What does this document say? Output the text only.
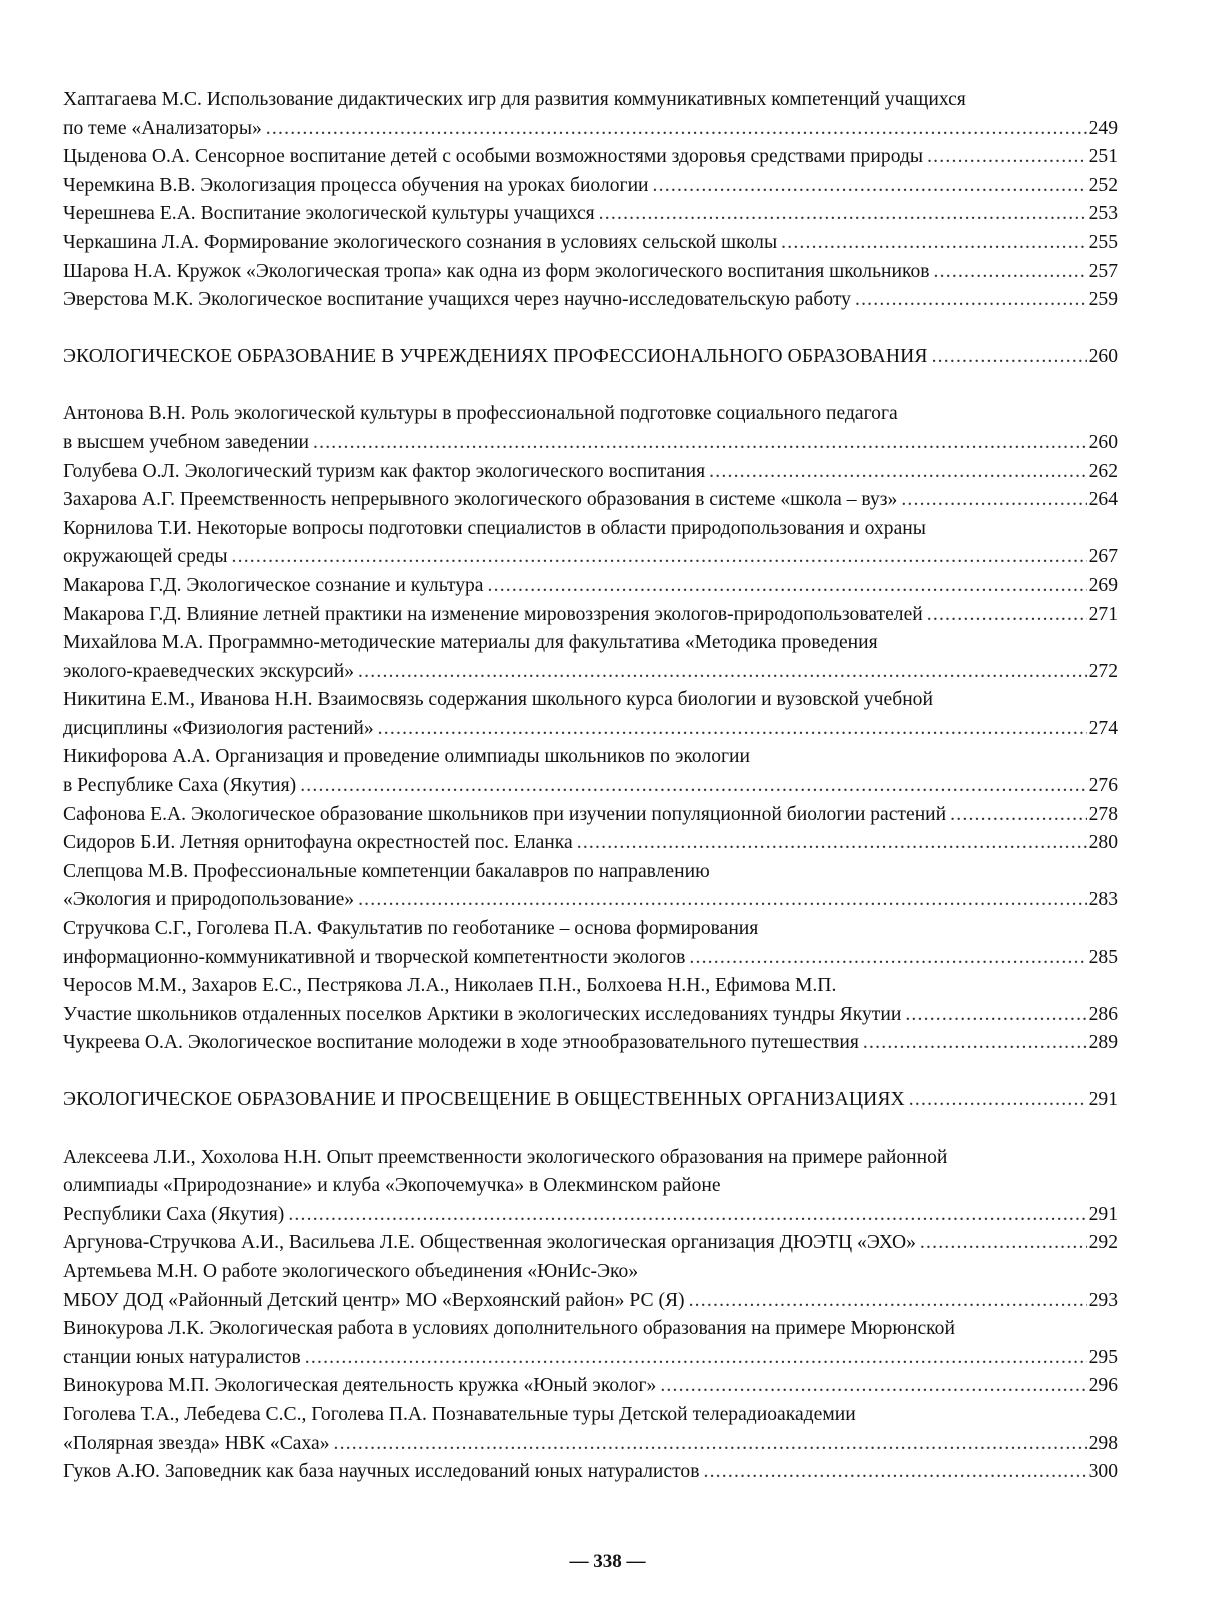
Хаптагаева М.С. Использование дидактических игр для развития коммуникативных компетенций учащихся
по теме «Анализаторы» .....	249
Цыденова О.А. Сенсорное воспитание детей с особыми возможностями здоровья средствами природы .....	251
Черемкина В.В. Экологизация процесса обучения на уроках биологии .....	252
Черешнева Е.А. Воспитание экологической культуры учащихся .....	253
Черкашина Л.А. Формирование экологического сознания в условиях сельской школы .....	255
Шарова Н.А. Кружок «Экологическая тропа» как одна из форм экологического воспитания школьников .....	257
Эверстова М.К. Экологическое воспитание учащихся через научно-исследовательскую работу .....	259
ЭКОЛОГИЧЕСКОЕ ОБРАЗОВАНИЕ В УЧРЕЖДЕНИЯХ ПРОФЕССИОНАЛЬНОГО ОБРАЗОВАНИЯ .....	260
Антонова В.Н. Роль экологической культуры в профессиональной подготовке социального педагога
в высшем учебном заведении .....	260
Голубева О.Л. Экологический туризм как фактор экологического воспитания .....	262
Захарова А.Г. Преемственность непрерывного экологического образования в системе «школа – вуз» .....	264
Корнилова Т.И. Некоторые вопросы подготовки специалистов в области природопользования и охраны
окружающей среды .....	267
Макарова Г.Д. Экологическое сознание и культура .....	269
Макарова Г.Д. Влияние летней практики на изменение мировоззрения экологов-природопользователей .....	271
Михайлова М.А. Программно-методические материалы для факультатива «Методика проведения
эколого-краеведческих экскурсий» .....	272
Никитина Е.М., Иванова Н.Н. Взаимосвязь содержания школьного курса биологии и вузовской учебной
дисциплины «Физиология растений» .....	274
Никифорова А.А. Организация и проведение олимпиады школьников по экологии
в Республике Саха (Якутия) .....	276
Сафонова Е.А. Экологическое образование школьников при изучении популяционной биологии растений .....	278
Сидоров Б.И. Летняя орнитофауна окрестностей пос. Еланка .....	280
Слепцова М.В. Профессиональные компетенции бакалавров по направлению
«Экология и природопользование» .....	283
Стручкова С.Г., Гоголева П.А. Факультатив по геоботанике – основа формирования
информационно-коммуникативной и творческой компетентности экологов .....	285
Черосов М.М., Захаров Е.С., Пестрякова Л.А., Николаев П.Н., Болхоева Н.Н., Ефимова М.П.
Участие школьников отдаленных поселков Арктики в экологических исследованиях тундры Якутии .....	286
Чукреева О.А. Экологическое воспитание молодежи в ходе этнообразовательного путешествия .....	289
ЭКОЛОГИЧЕСКОЕ ОБРАЗОВАНИЕ И ПРОСВЕЩЕНИЕ В ОБЩЕСТВЕННЫХ ОРГАНИЗАЦИЯХ .....	291
Алексеева Л.И., Хохолова Н.Н. Опыт преемственности экологического образования на примере районной
олимпиады «Природознание» и клуба «Экопочемучка» в Олекминском районе
Республики Саха (Якутия) .....	291
Аргунова-Стручкова А.И., Васильева Л.Е. Общественная экологическая организация ДЮЭТЦ «ЭХО» .....	292
Артемьева М.Н. О работе экологического объединения «ЮнИс-Эко»
МБОУ ДОД «Районный Детский центр» МО «Верхоянский район» РС (Я) .....	293
Винокурова Л.К. Экологическая работа в условиях дополнительного образования на примере Мюрюнской
станции юных натуралистов .....	295
Винокурова М.П. Экологическая деятельность кружка «Юный эколог» .....	296
Гоголева Т.А., Лебедева С.С., Гоголева П.А. Познавательные туры Детской телерадиоакадемии
«Полярная звезда» НВК «Саха» .....	298
Гуков А.Ю. Заповедник как база научных исследований юных натуралистов .....	300
— 338 —
